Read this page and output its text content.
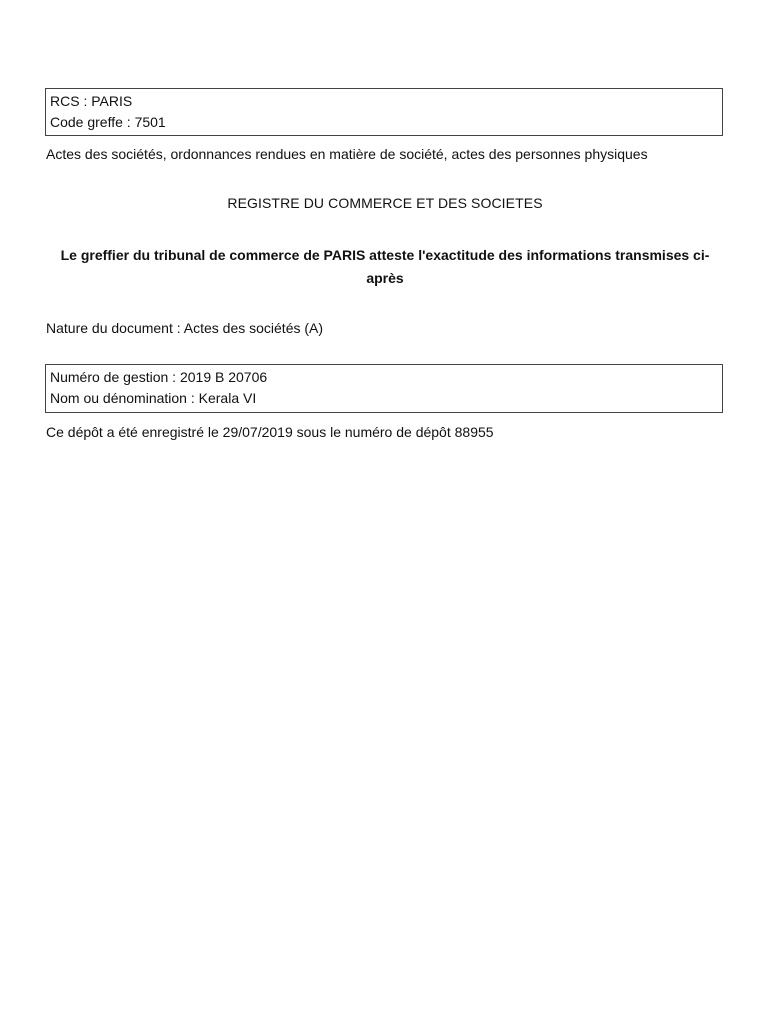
RCS : PARIS
Code greffe : 7501
Actes des sociétés, ordonnances rendues en matière de société, actes des personnes physiques
REGISTRE DU COMMERCE ET DES SOCIETES
Le greffier du tribunal de commerce de PARIS atteste l'exactitude des informations transmises ci-après
Nature du document : Actes des sociétés (A)
Numéro de gestion : 2019 B 20706
Nom ou dénomination : Kerala VI
Ce dépôt a été enregistré le 29/07/2019 sous le numéro de dépôt 88955
